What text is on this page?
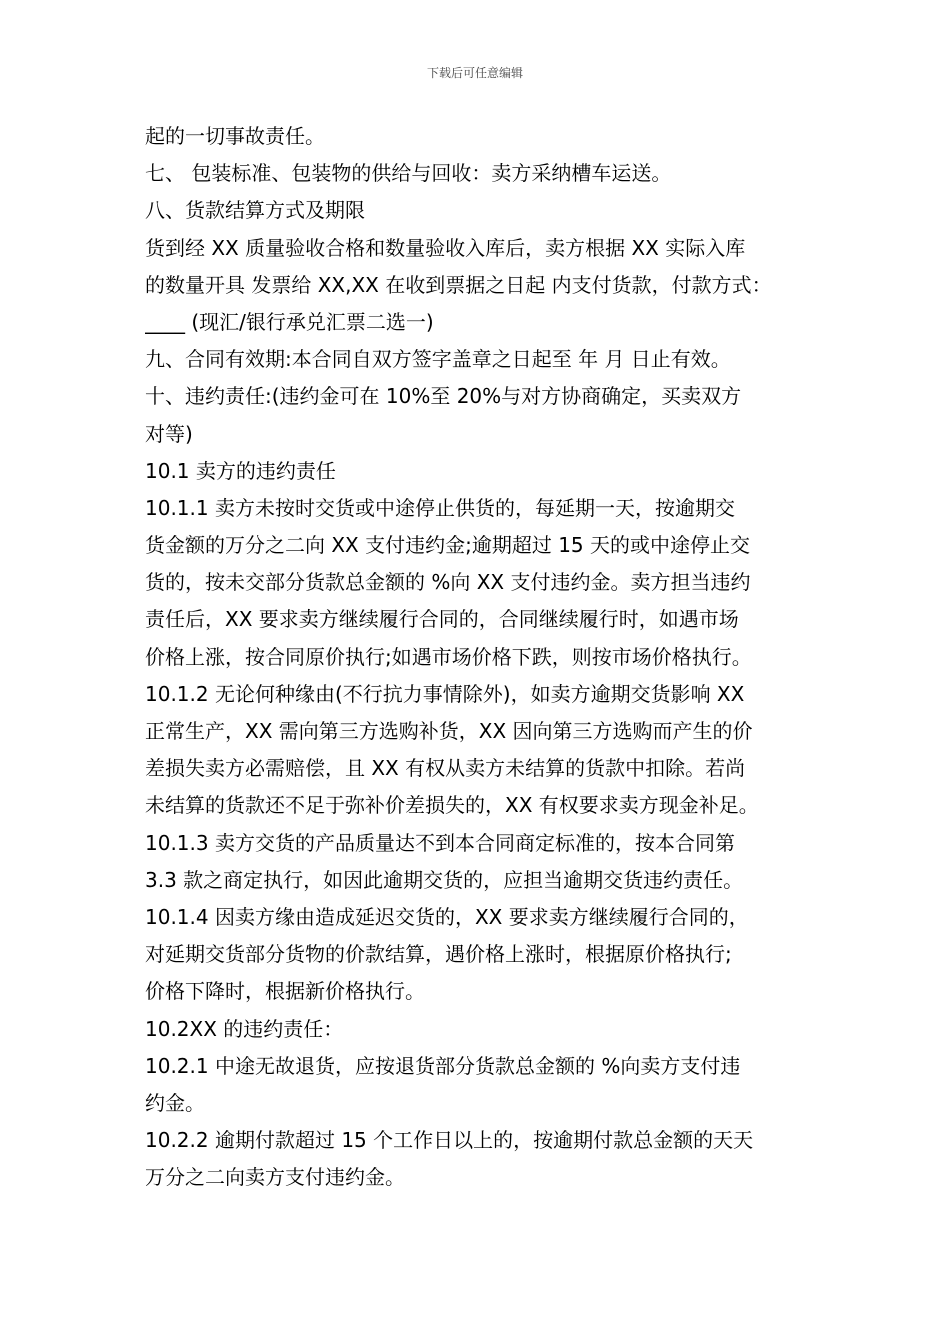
下载后可任意编辑
起的一切事故责任。
七、 包装标准、包装物的供给与回收：卖方采纳槽车运送。
八、货款结算方式及期限
货到经 XX 质量验收合格和数量验收入库后，卖方根据 XX 实际入库
的数量开具 发票给 XX,XX 在收到票据之日起 内支付货款，付款方式：
____ (现汇/银行承兑汇票二选一)
九、合同有效期:本合同自双方签字盖章之日起至 年 月 日止有效。
十、违约责任:(违约金可在 10%至 20%与对方协商确定，买卖双方
对等)
10.1 卖方的违约责任
10.1.1 卖方未按时交货或中途停止供货的，每延期一天，按逾期交
货金额的万分之二向 XX 支付违约金;逾期超过 15 天的或中途停止交
货的，按未交部分货款总金额的 %向 XX 支付违约金。卖方担当违约
责任后，XX 要求卖方继续履行合同的，合同继续履行时，如遇市场
价格上涨，按合同原价执行;如遇市场价格下跌，则按市场价格执行。
10.1.2 无论何种缘由(不行抗力事情除外)，如卖方逾期交货影响 XX
正常生产，XX 需向第三方选购补货，XX 因向第三方选购而产生的价
差损失卖方必需赔偿，且 XX 有权从卖方未结算的货款中扣除。若尚
未结算的货款还不足于弥补价差损失的，XX 有权要求卖方现金补足。
10.1.3 卖方交货的产品质量达不到本合同商定标准的，按本合同第
3.3 款之商定执行，如因此逾期交货的，应担当逾期交货违约责任。
10.1.4 因卖方缘由造成延迟交货的，XX 要求卖方继续履行合同的，
对延期交货部分货物的价款结算，遇价格上涨时，根据原价格执行;
价格下降时，根据新价格执行。
10.2XX 的违约责任：
10.2.1 中途无故退货，应按退货部分货款总金额的 %向卖方支付违
约金。
10.2.2 逾期付款超过 15 个工作日以上的，按逾期付款总金额的天天
万分之二向卖方支付违约金。
